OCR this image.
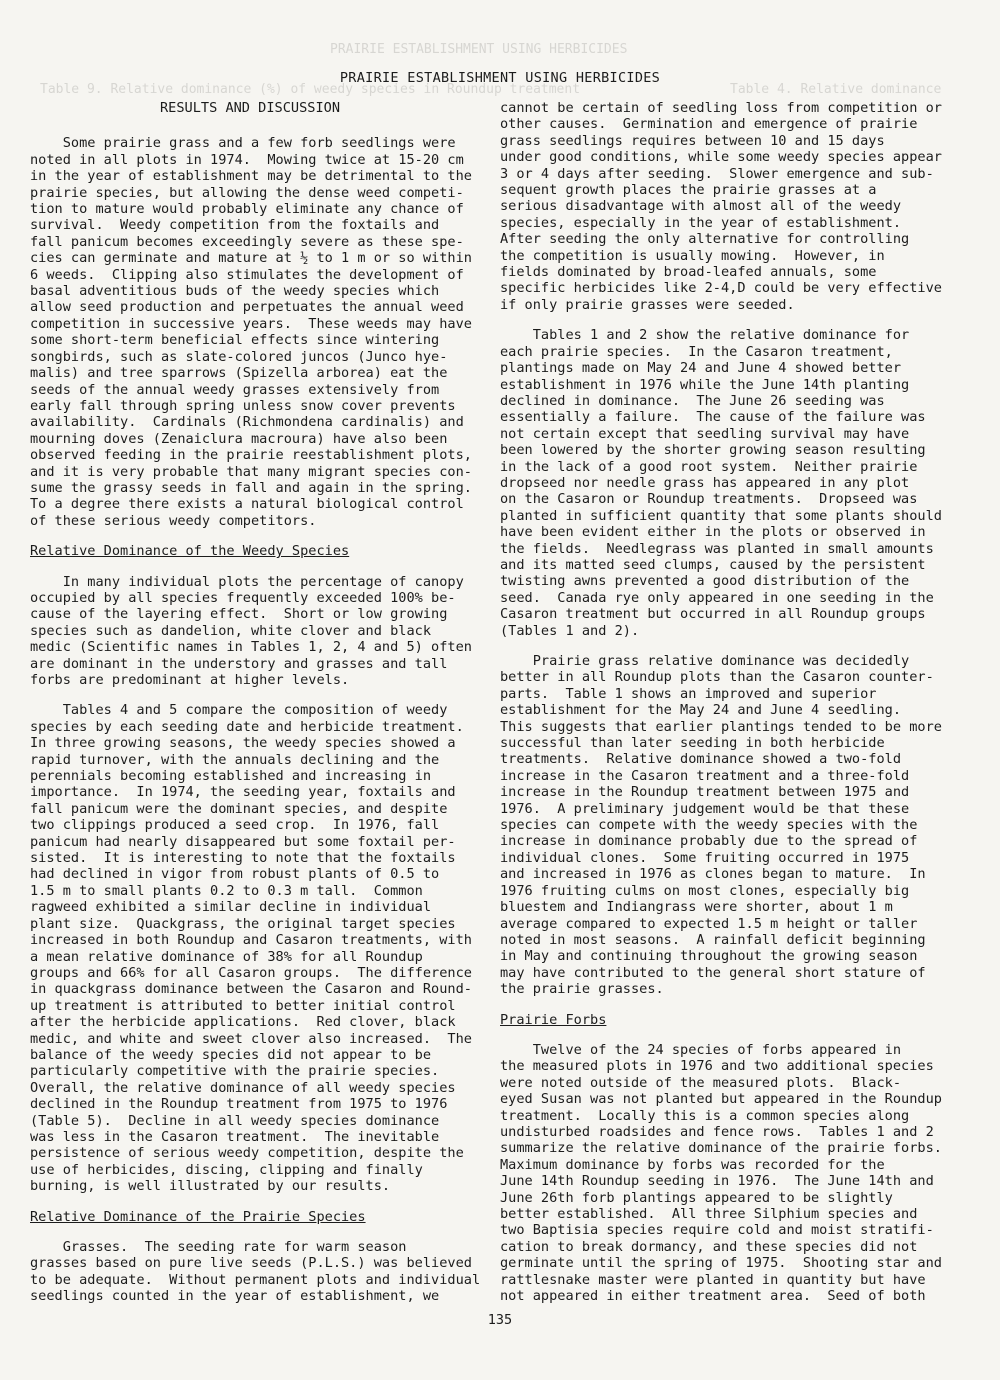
PRAIRIE ESTABLISHMENT USING HERBICIDES
Table 9. Relative dominance (%) of weedy species in Roundup treatment	Table 4. Relative dominance
PRAIRIE ESTABLISHMENT USING HERBICIDES
RESULTS AND DISCUSSION
Some prairie grass and a few forb seedlings were
noted in all plots in 1974.  Mowing twice at 15-20 cm
in the year of establishment may be detrimental to the
prairie species, but allowing the dense weed competi-
tion to mature would probably eliminate any chance of
survival.  Weedy competition from the foxtails and
fall panicum becomes exceedingly severe as these spe-
cies can germinate and mature at ½ to 1 m or so within
6 weeds.  Clipping also stimulates the development of
basal adventitious buds of the weedy species which
allow seed production and perpetuates the annual weed
competition in successive years.  These weeds may have
some short-term beneficial effects since wintering
songbirds, such as slate-colored juncos (Junco hye-
malis) and tree sparrows (Spizella arborea) eat the
seeds of the annual weedy grasses extensively from
early fall through spring unless snow cover prevents
availability.  Cardinals (Richmondena cardinalis) and
mourning doves (Zenaiclura macroura) have also been
observed feeding in the prairie reestablishment plots,
and it is very probable that many migrant species con-
sume the grassy seeds in fall and again in the spring.
To a degree there exists a natural biological control
of these serious weedy competitors.
Relative Dominance of the Weedy Species
In many individual plots the percentage of canopy
occupied by all species frequently exceeded 100% be-
cause of the layering effect.  Short or low growing
species such as dandelion, white clover and black
medic (Scientific names in Tables 1, 2, 4 and 5) often
are dominant in the understory and grasses and tall
forbs are predominant at higher levels.
Tables 4 and 5 compare the composition of weedy
species by each seeding date and herbicide treatment.
In three growing seasons, the weedy species showed a
rapid turnover, with the annuals declining and the
perennials becoming established and increasing in
importance.  In 1974, the seeding year, foxtails and
fall panicum were the dominant species, and despite
two clippings produced a seed crop.  In 1976, fall
panicum had nearly disappeared but some foxtail per-
sisted.  It is interesting to note that the foxtails
had declined in vigor from robust plants of 0.5 to
1.5 m to small plants 0.2 to 0.3 m tall.  Common
ragweed exhibited a similar decline in individual
plant size.  Quackgrass, the original target species
increased in both Roundup and Casaron treatments, with
a mean relative dominance of 38% for all Roundup
groups and 66% for all Casaron groups.  The difference
in quackgrass dominance between the Casaron and Round-
up treatment is attributed to better initial control
after the herbicide applications.  Red clover, black
medic, and white and sweet clover also increased.  The
balance of the weedy species did not appear to be
particularly competitive with the prairie species.
Overall, the relative dominance of all weedy species
declined in the Roundup treatment from 1975 to 1976
(Table 5).  Decline in all weedy species dominance
was less in the Casaron treatment.  The inevitable
persistence of serious weedy competition, despite the
use of herbicides, discing, clipping and finally
burning, is well illustrated by our results.
Relative Dominance of the Prairie Species
Grasses.  The seeding rate for warm season
grasses based on pure live seeds (P.L.S.) was believed
to be adequate.  Without permanent plots and individual
seedlings counted in the year of establishment, we
cannot be certain of seedling loss from competition or
other causes.  Germination and emergence of prairie
grass seedlings requires between 10 and 15 days
under good conditions, while some weedy species appear
3 or 4 days after seeding.  Slower emergence and sub-
sequent growth places the prairie grasses at a
serious disadvantage with almost all of the weedy
species, especially in the year of establishment.
After seeding the only alternative for controlling
the competition is usually mowing.  However, in
fields dominated by broad-leafed annuals, some
specific herbicides like 2-4,D could be very effective
if only prairie grasses were seeded.
Tables 1 and 2 show the relative dominance for
each prairie species.  In the Casaron treatment,
plantings made on May 24 and June 4 showed better
establishment in 1976 while the June 14th planting
declined in dominance.  The June 26 seeding was
essentially a failure.  The cause of the failure was
not certain except that seedling survival may have
been lowered by the shorter growing season resulting
in the lack of a good root system.  Neither prairie
dropseed nor needle grass has appeared in any plot
on the Casaron or Roundup treatments.  Dropseed was
planted in sufficient quantity that some plants should
have been evident either in the plots or observed in
the fields.  Needlegrass was planted in small amounts
and its matted seed clumps, caused by the persistent
twisting awns prevented a good distribution of the
seed.  Canada rye only appeared in one seeding in the
Casaron treatment but occurred in all Roundup groups
(Tables 1 and 2).
Prairie grass relative dominance was decidedly
better in all Roundup plots than the Casaron counter-
parts.  Table 1 shows an improved and superior
establishment for the May 24 and June 4 seedling.
This suggests that earlier plantings tended to be more
successful than later seeding in both herbicide
treatments.  Relative dominance showed a two-fold
increase in the Casaron treatment and a three-fold
increase in the Roundup treatment between 1975 and
1976.  A preliminary judgement would be that these
species can compete with the weedy species with the
increase in dominance probably due to the spread of
individual clones.  Some fruiting occurred in 1975
and increased in 1976 as clones began to mature.  In
1976 fruiting culms on most clones, especially big
bluestem and Indiangrass were shorter, about 1 m
average compared to expected 1.5 m height or taller
noted in most seasons.  A rainfall deficit beginning
in May and continuing throughout the growing season
may have contributed to the general short stature of
the prairie grasses.
Prairie Forbs
Twelve of the 24 species of forbs appeared in
the measured plots in 1976 and two additional species
were noted outside of the measured plots.  Black-
eyed Susan was not planted but appeared in the Roundup
treatment.  Locally this is a common species along
undisturbed roadsides and fence rows.  Tables 1 and 2
summarize the relative dominance of the prairie forbs.
Maximum dominance by forbs was recorded for the
June 14th Roundup seeding in 1976.  The June 14th and
June 26th forb plantings appeared to be slightly
better established.  All three Silphium species and
two Baptisia species require cold and moist stratifi-
cation to break dormancy, and these species did not
germinate until the spring of 1975.  Shooting star and
rattlesnake master were planted in quantity but have
not appeared in either treatment area.  Seed of both
135
